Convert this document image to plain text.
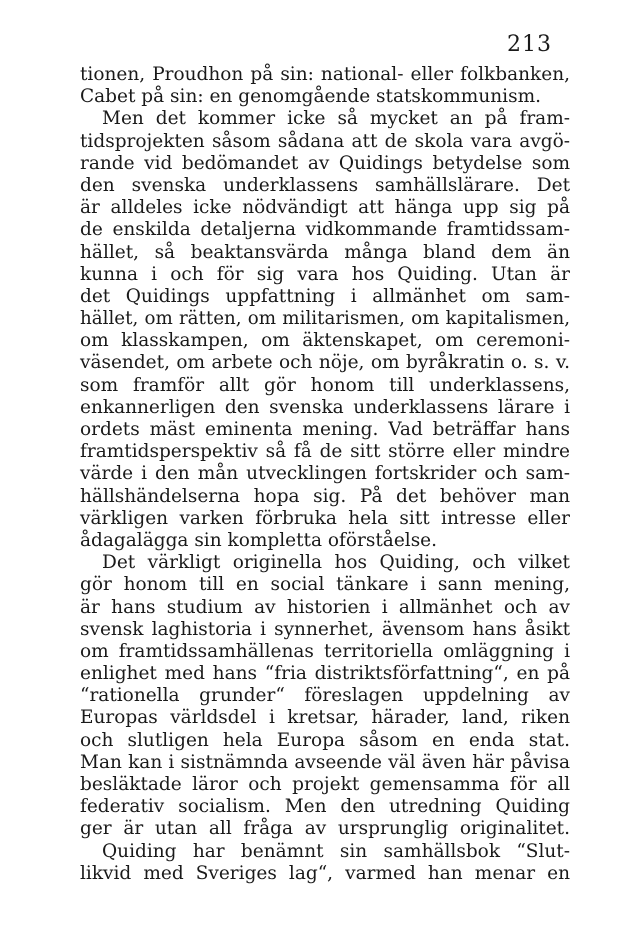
213
tionen, Proudhon på sin: national- eller folkbanken,
Cabet på sin: en genomgående statskommunism.
Men det kommer icke så mycket an på fram-
tidsprojekten såsom sådana att de skola vara avgö-
rande vid bedömandet av Quidings betydelse som
den svenska underklassens samhällslärare. Det
är alldeles icke nödvändigt att hänga upp sig på
de enskilda detaljerna vidkommande framtidssam-
hället, så beaktansvärda många bland dem än
kunna i och för sig vara hos Quiding. Utan är
det Quidings uppfattning i allmänhet om sam-
hället, om rätten, om militarismen, om kapitalismen,
om klasskampen, om äktenskapet, om ceremoni-
väsendet, om arbete och nöje, om byråkratin o. s. v.
som framför allt gör honom till underklassens,
enkannerligen den svenska underklassens lärare i
ordets mäst eminenta mening. Vad beträffar hans
framtidsperspektiv så få de sitt större eller mindre
värde i den mån utvecklingen fortskrider och sam-
hällshändelserna hopa sig. På det behöver man
värkligen varken förbruka hela sitt intresse eller
ådagalägga sin kompletta oförståelse.
Det värkligt originella hos Quiding, och vilket
gör honom till en social tänkare i sann mening,
är hans studium av historien i allmänhet och av
svensk laghistoria i synnerhet, ävensom hans åsikt
om framtidssamhällenas territoriella omläggning i
enlighet med hans “fria distriktsförfattning“, en på
“rationella grunder“ föreslagen uppdelning av
Europas världsdel i kretsar, härader, land, riken
och slutligen hela Europa såsom en enda stat.
Man kan i sistnämnda avseende väl även här påvisa
besläktade läror och projekt gemensamma för all
federativ socialism. Men den utredning Quiding
ger är utan all fråga av ursprunglig originalitet.
Quiding har benämnt sin samhällsbok “Slut-
likvid med Sveriges lag“, varmed han menar en
